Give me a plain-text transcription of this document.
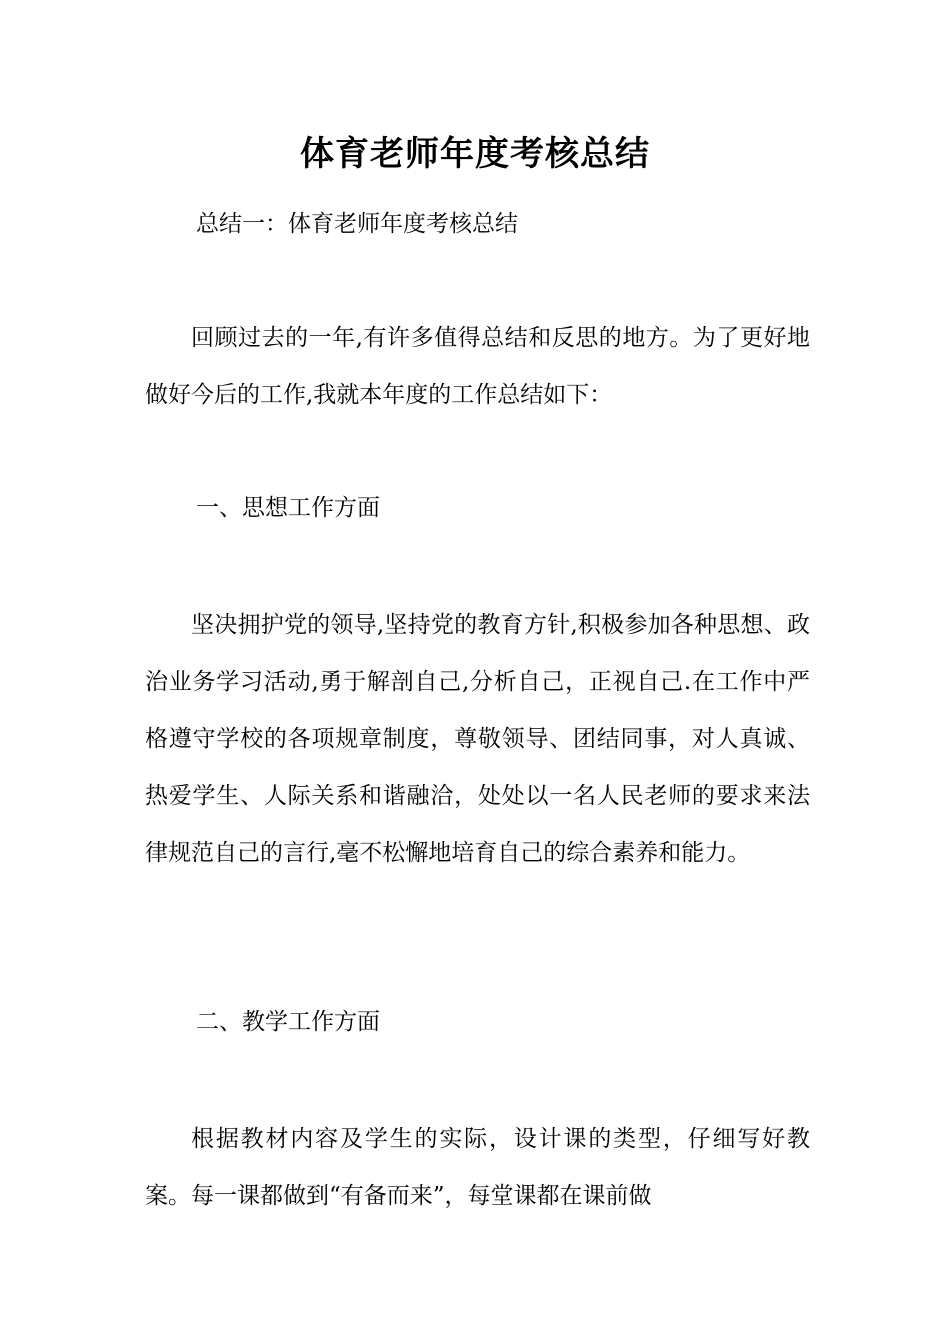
体育老师年度考核总结

总结一：体育老师年度考核总结

回顾过去的一年,有许多值得总结和反思的地方。为了更好地做好今后的工作,我就本年度的工作总结如下：

一、思想工作方面

坚决拥护党的领导,坚持党的教育方针,积极参加各种思想、政治业务学习活动,勇于解剖自己,分析自己，正视自己.在工作中严格遵守学校的各项规章制度，尊敬领导、团结同事，对人真诚、热爱学生、人际关系和谐融洽，处处以一名人民老师的要求来法律规范自己的言行,毫不松懈地培育自己的综合素养和能力。

二、教学工作方面

根据教材内容及学生的实际，设计课的类型，仔细写好教案。每一课都做到“有备而来”，每堂课都在课前做
